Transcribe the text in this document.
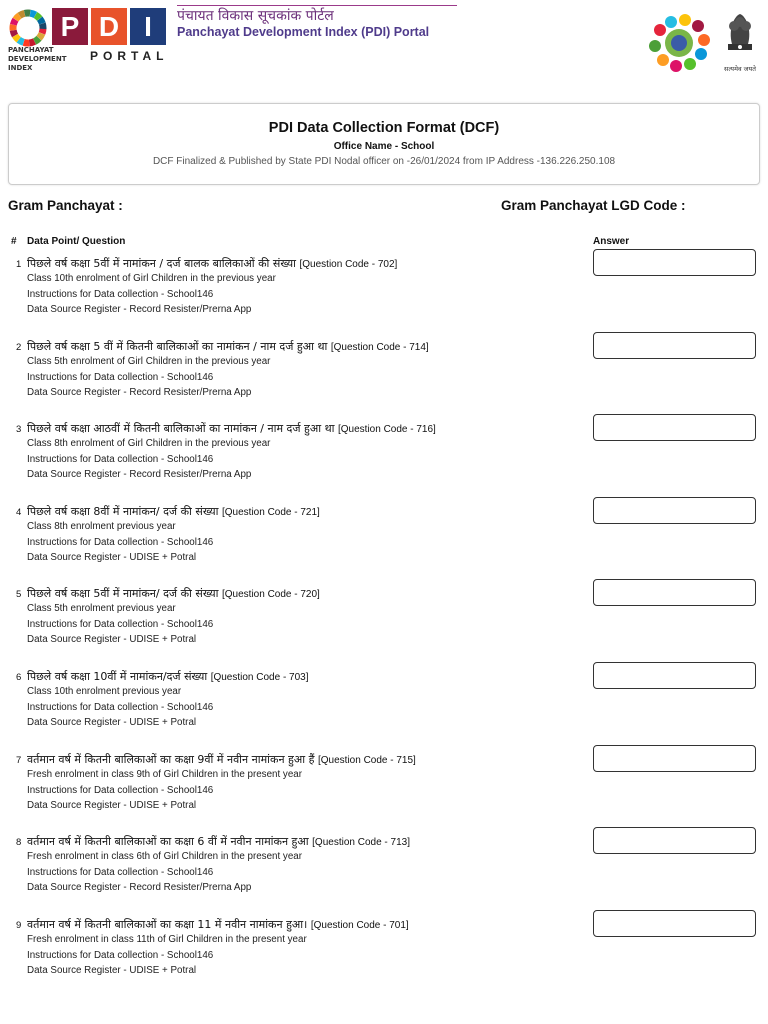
PANCHAYAT DEVELOPMENT INDEX
P D I
PORTAL
पंचायत विकास सूचकांक पोर्टल
Panchayat Development Index (PDI) Portal
सत्यमेव जयते
PDI Data Collection Format (DCF)
Office Name - School
DCF Finalized & Published by State PDI Nodal officer on -26/01/2024 from IP Address -136.226.250.108
Gram Panchayat :	Gram Panchayat LGD Code :
# Data Point/ Question	Answer
1 पिछले वर्ष कक्षा 5वीं में नामांकन / दर्ज बालक बालिकाओं की संख्या [Question Code - 702]
Class 10th enrolment of Girl Children in the previous year
Instructions for Data collection - School146
Data Source Register - Record Resister/Prerna App
2 पिछले वर्ष कक्षा 5 वीं में कितनी बालिकाओं का नामांकन / नाम दर्ज हुआ था [Question Code - 714]
Class 5th enrolment of Girl Children in the previous year
Instructions for Data collection - School146
Data Source Register - Record Resister/Prerna App
3 पिछले वर्ष कक्षा आठवीं में कितनी बालिकाओं का नामांकन / नाम दर्ज हुआ था [Question Code - 716]
Class 8th enrolment of Girl Children in the previous year
Instructions for Data collection - School146
Data Source Register - Record Resister/Prerna App
4 पिछले वर्ष कक्षा 8वीं में नामांकन/ दर्ज की संख्या [Question Code - 721]
Class 8th enrolment previous year
Instructions for Data collection - School146
Data Source Register - UDISE + Potral
5 पिछले वर्ष कक्षा 5वीं में नामांकन/ दर्ज की संख्या [Question Code - 720]
Class 5th enrolment previous year
Instructions for Data collection - School146
Data Source Register - UDISE + Potral
6 पिछले वर्ष कक्षा 10वीं में नामांकन/दर्ज संख्या [Question Code - 703]
Class 10th enrolment previous year
Instructions for Data collection - School146
Data Source Register - UDISE + Potral
7 वर्तमान वर्ष में कितनी बालिकाओं का कक्षा 9वीं में नवीन नामांकन हुआ हैं [Question Code - 715]
Fresh enrolment in class 9th of Girl Children in the present year
Instructions for Data collection - School146
Data Source Register - UDISE + Potral
8 वर्तमान वर्ष में कितनी बालिकाओं का कक्षा 6 वीं में नवीन नामांकन हुआ [Question Code - 713]
Fresh enrolment in class 6th of Girl Children in the present year
Instructions for Data collection - School146
Data Source Register - Record Resister/Prerna App
9 वर्तमान वर्ष में कितनी बालिकाओं का कक्षा 11 में नवीन नामांकन हुआ। [Question Code - 701]
Fresh enrolment in class 11th of Girl Children in the present year
Instructions for Data collection - School146
Data Source Register - UDISE + Potral
